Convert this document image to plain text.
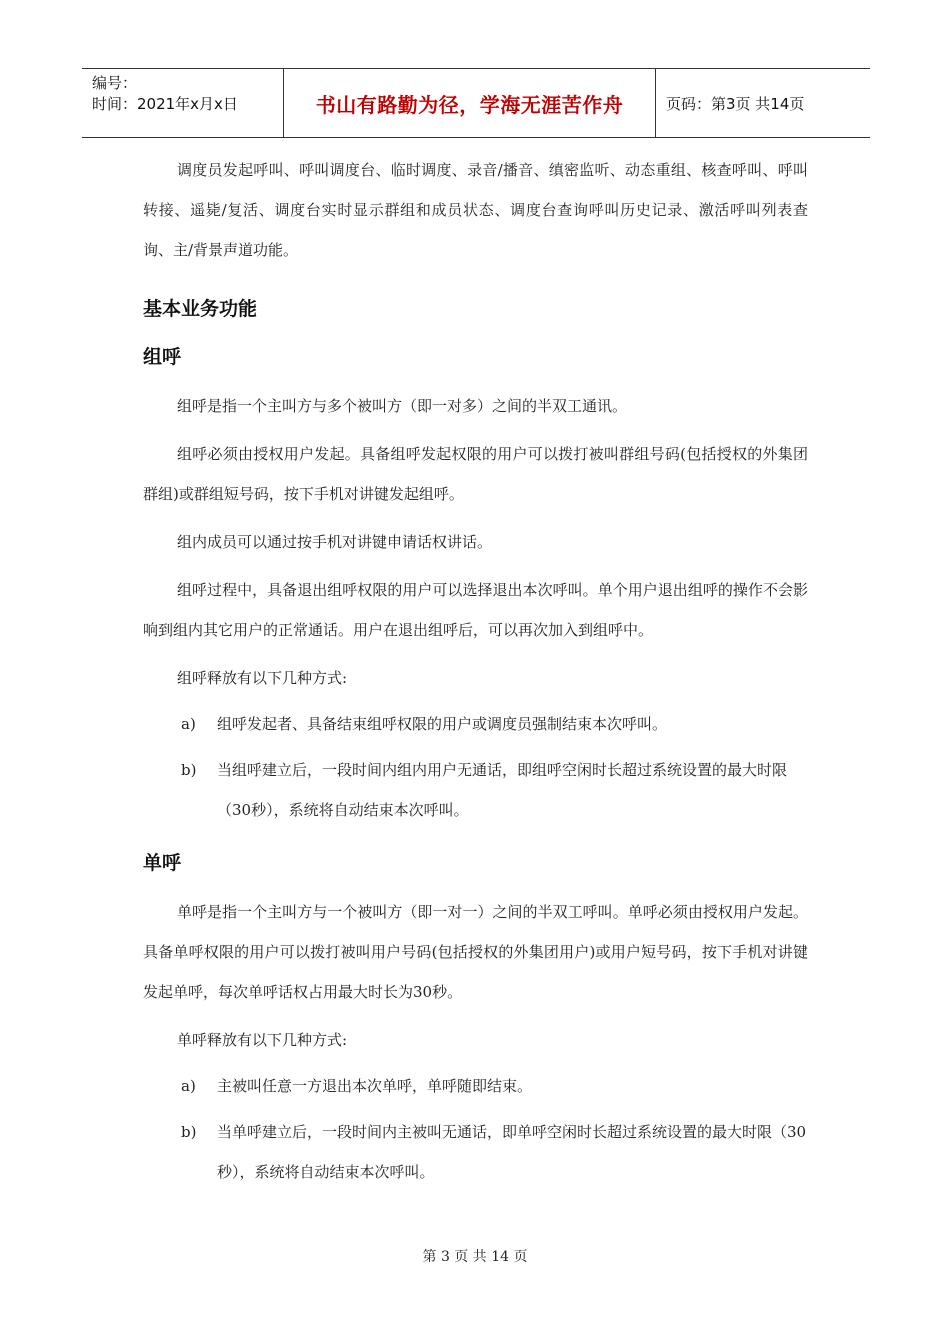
编号：
时间：2021年x月x日	书山有路勤为径，学海无涯苦作舟	页码：第3页 共14页

调度员发起呼叫、呼叫调度台、临时调度、录音/播音、缜密监听、动态重组、核查呼叫、呼叫转接、遥毙/复活、调度台实时显示群组和成员状态、调度台查询呼叫历史记录、激活呼叫列表查询、主/背景声道功能。

基本业务功能
组呼

组呼是指一个主叫方与多个被叫方（即一对多）之间的半双工通讯。

组呼必须由授权用户发起。具备组呼发起权限的用户可以拨打被叫群组号码(包括授权的外集团群组)或群组短号码，按下手机对讲键发起组呼。

组内成员可以通过按手机对讲键申请话权讲话。

组呼过程中，具备退出组呼权限的用户可以选择退出本次呼叫。单个用户退出组呼的操作不会影响到组内其它用户的正常通话。用户在退出组呼后，可以再次加入到组呼中。

组呼释放有以下几种方式:

a)	组呼发起者、具备结束组呼权限的用户或调度员强制结束本次呼叫。
b)	当组呼建立后，一段时间内组内用户无通话，即组呼空闲时长超过系统设置的最大时限（30秒），系统将自动结束本次呼叫。
单呼

单呼是指一个主叫方与一个被叫方（即一对一）之间的半双工呼叫。单呼必须由授权用户发起。具备单呼权限的用户可以拨打被叫用户号码(包括授权的外集团用户)或用户短号码，按下手机对讲键发起单呼，每次单呼话权占用最大时长为30秒。

单呼释放有以下几种方式:

a)	主被叫任意一方退出本次单呼，单呼随即结束。
b)	当单呼建立后，一段时间内主被叫无通话，即单呼空闲时长超过系统设置的最大时限（30秒），系统将自动结束本次呼叫。
第 3 页 共 14 页
